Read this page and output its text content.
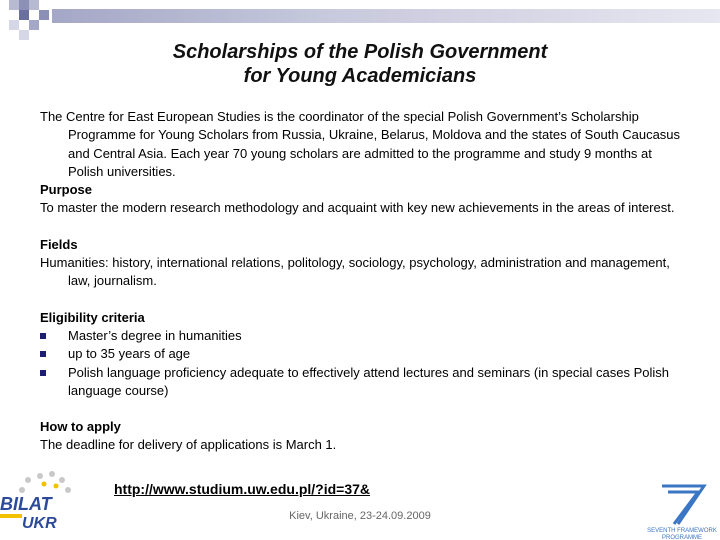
Scholarships of the Polish Government
for Young Academicians

The Centre for East European Studies is the coordinator of the special Polish Government’s Scholarship Programme for Young Scholars from Russia, Ukraine, Belarus, Moldova and the states of South Caucasus and Central Asia. Each year 70 young scholars are admitted to the programme and study 9 months at Polish universities.

Purpose

To master the modern research methodology and acquaint with key new achievements in the areas of interest.

Fields

Humanities: history, international relations, politology, sociology, psychology, administration and management, law, journalism.

Eligibility criteria

Master’s degree in humanities

up to 35 years of age

Polish language proficiency adequate to effectively attend lectures and seminars (in special cases Polish language course)

How to apply

The deadline for delivery of applications is March 1.

http://www.studium.uw.edu.pl/?id=37&
Kiev, Ukraine, 23-24.09.2009
BILAT
UKR	SEVENTH FRAMEWORK
PROGRAMME
